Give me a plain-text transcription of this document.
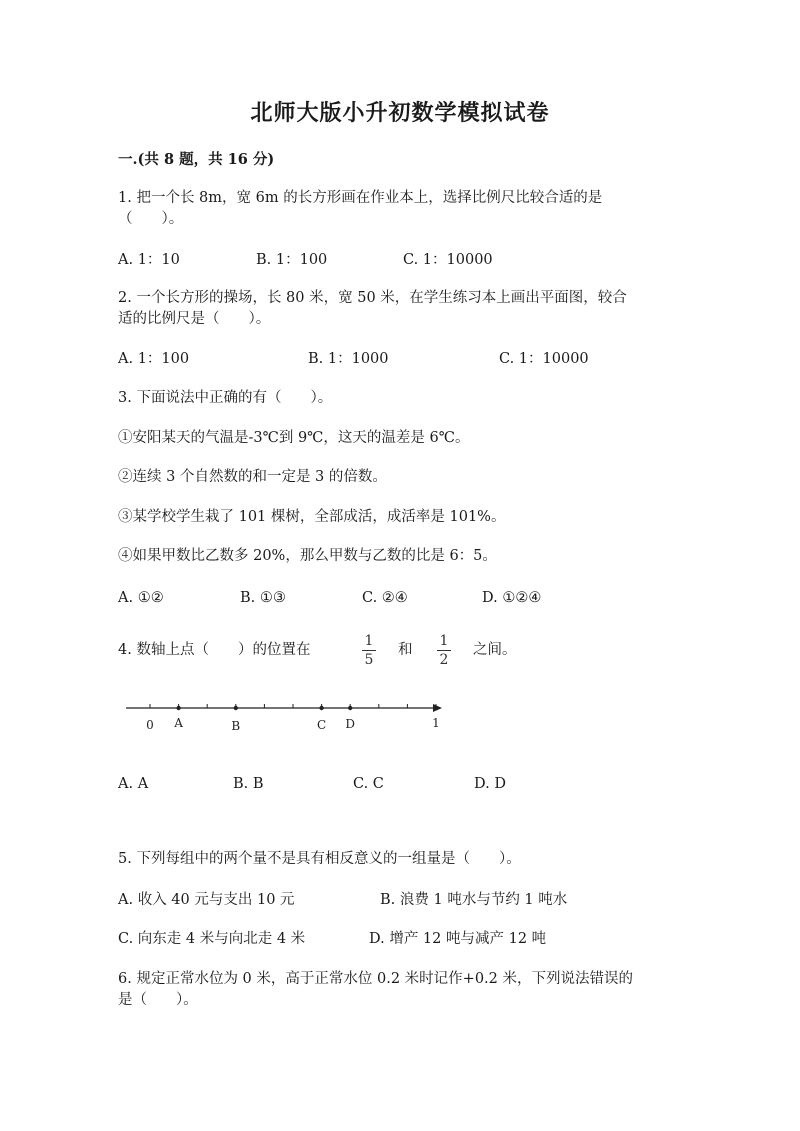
北师大版小升初数学模拟试卷
一.(共 8 题，共 16 分)
1. 把一个长 8m，宽 6m 的长方形画在作业本上，选择比例尺比较合适的是
（　　）。
A. 1：10	B. 1：100	C. 1：10000
2. 一个长方形的操场，长 80 米，宽 50 米，在学生练习本上画出平面图，较合
适的比例尺是（　　）。
A. 1：100	B. 1：1000	C. 1：10000
3. 下面说法中正确的有（　　）。
①安阳某天的气温是-3℃到 9℃，这天的温差是 6℃。
②连续 3 个自然数的和一定是 3 的倍数。
③某学校学生栽了 101 棵树，全部成活，成活率是 101%。
④如果甲数比乙数多 20%，那么甲数与乙数的比是 6：5。
A. ①②	B. ①③	C. ②④	D. ①②④
4. 数轴上点（　　）的位置在
1
5
和
1
2
之间。
0 A	B	C D	1
A. A	B. B	C. C	D. D
5. 下列每组中的两个量不是具有相反意义的一组量是（　　）。
A. 收入 40 元与支出 10 元	B. 浪费 1 吨水与节约 1 吨水
C. 向东走 4 米与向北走 4 米	D. 增产 12 吨与减产 12 吨
6. 规定正常水位为 0 米，高于正常水位 0.2 米时记作+0.2 米，下列说法错误的
是（　　）。
